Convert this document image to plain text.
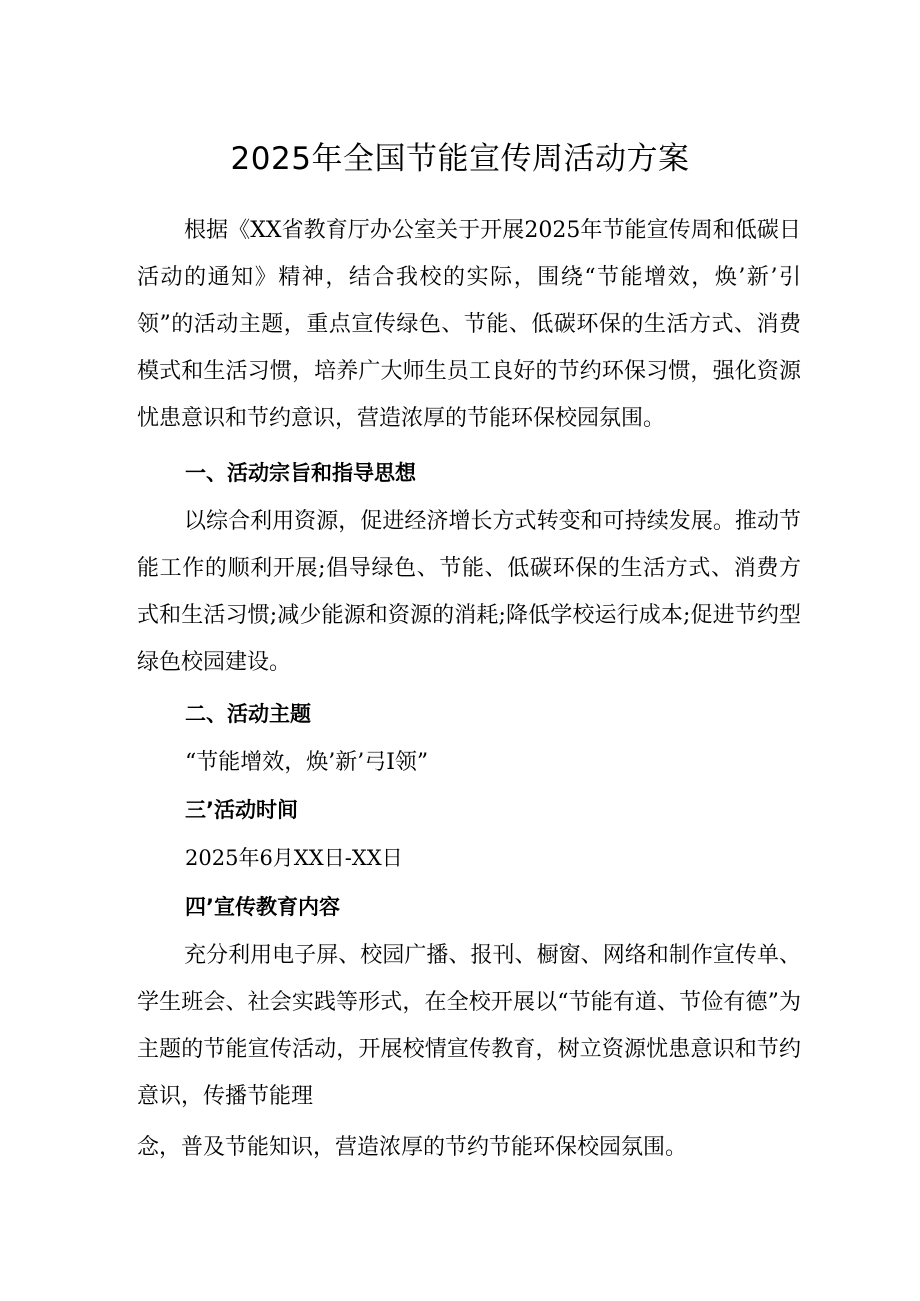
2025年全国节能宣传周活动方案

根据《XX省教育厅办公室关于开展2025年节能宣传周和低碳日活动的通知》精神，结合我校的实际，围绕“节能增效，焕’新’引领”的活动主题，重点宣传绿色、节能、低碳环保的生活方式、消费模式和生活习惯，培养广大师生员工良好的节约环保习惯，强化资源忧患意识和节约意识，营造浓厚的节能环保校园氛围。

一、活动宗旨和指导思想

以综合利用资源，促进经济增长方式转变和可持续发展。推动节能工作的顺利开展;倡导绿色、节能、低碳环保的生活方式、消费方式和生活习惯;减少能源和资源的消耗;降低学校运行成本;促进节约型绿色校园建设。

二、活动主题
“节能增效，焕’新’弓I领”
三’活动时间
2025年6月XX日-XX日
四’宣传教育内容

充分利用电子屏、校园广播、报刊、橱窗、网络和制作宣传单、学生班会、社会实践等形式，在全校开展以“节能有道、节俭有德”为主题的节能宣传活动，开展校情宣传教育，树立资源忧患意识和节约意识，传播节能理

念，普及节能知识，营造浓厚的节约节能环保校园氛围。
